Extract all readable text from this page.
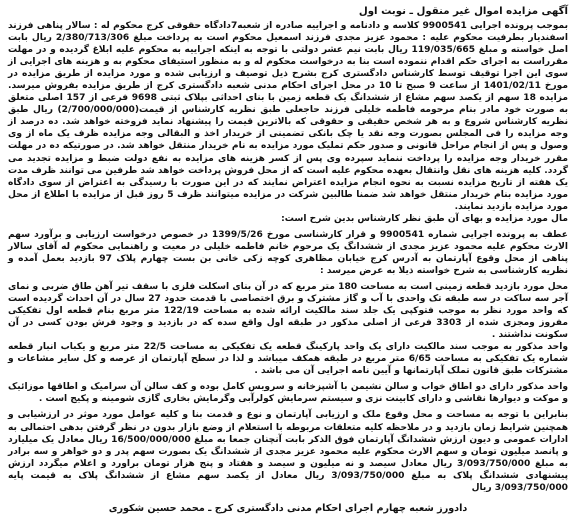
آگهی مزایده اموال غیر منقول ـ نوبت اول

بموجب پرونده اجرایی 9900541 کلاسه و دادنامه و اجراییه صادره از شعبه7دادگاه حقوقی کرج محکوم له : سالار پناهی فرزند اسفندیار بطرفیت محکوم علیه : محمود عزیز مجدی فرزند اسمعیل محکوم است به پرداخت مبلغ 2/380/713/306 ریال بابت اصل خواسته و مبلغ 119/035/665 ریال بابت نیم عشر دولتی با توجه به اینکه اجراییه به محکوم علیه ابلاغ گردیده و در مهلت مقرراست به اجرای حکم اقدام ننموده است بنا به درخواست محکوم له و به منظور استیفای محکوم به و هزینه های اجرایی از سوی این اجرا توقیف توسط کارشناس دادگستری کرج بشرح ذیل توصیف و ارزیابی شده و مورد مزایده از طریق مزایده در مورخ 1401/02/11 از ساعت 9 صبح تا 10 در محل اجرای احکام مدنی شعبه دادگستری کرج از طریق مزایده بفروش میرسد. مزایده 18 سهم از یکصد سهم مشاع از ششدانگ یک قطعه زمین با بنای احداثی بپلاک ثبتی 9698 فرعی از 157 اصلی متعلق به صورت خود مادر بنام مرحومه فاطمه خلیلی فرزند حاجعلی طبق نظریه کارشناس از قیمت(2/700/000/000) ریال طبق نظریه کارشناس شروع و به هر شخص حقیقی و حقوقی که بالاترین قیمت را پیشنهاد نماید فروخته خواهد شد. ده درصد از وجه مزایده را فی المجلس بصورت وجه نقد یا چک بانکی تضمینی از خریدار اخذ و البقالی وجه مزایده ظرف یک ماه از وی وصول و پس از انجام مراحل قانونی و صدور حکم تملیک مورد مزایده به نام خریدار منتقل خواهد شد. در صورتیکه ده در مهلت مقرر خریدار وجه مزایده را پرداخت ننماید سپرده وی پس از کسر هزینه های مزایده به نفع دولت ضبط و مزایده تجدید می گردد. کلیه هزینه های نقل وانتقال بعهده محکوم علیه است که از محل فروش پرداخت خواهد شد طرفین می توانند ظرف مدت یک هفته از تاریخ مزایده نسبت به نحوه انجام مزایده اعتراض نمایند که در این صورت با رسیدگی به اعتراض از سوی دادگاه مورد مزایده بنام خریدار منتقل خواهد شد ضمنا طالبین شرکت در مزایده میتوانند ظرف 5 روز قبل از مزایده با اطلاع از محل مورد مزایده بازدید نمایند.

مال مورد مزایده و بهای آن طبق نظر کارشناس بدین شرح است:

عطف به پرونده اجرایی شماره 9900541 و قرار کارشناسی مورخ 1399/5/26 در خصوص درخواست ارزیابی و برآورد سهم الارث محکوم علیه محمود عزیز مجدی از ششدانگ یک مرحوم خانم فاطمه خلیلی در معیت و راهنمایی محکوم له آقای سالار پناهی از محل وقوع آپارتمان به آدرس کرج خیابان مظاهری کوچه زکی خانی بن بست چهارم پلاک 97 بازدید بعمل آمده و نظریه کارشناسی به شرح خواسته ذیلا به عرض میرسد :

محل مورد بازدید قطعه زمینی است به مساحت 180 متر مربع که در آن بنای اسکلت فلزی با سقف تیر آهن طاق ضربی و نمای آجر سه ساکت در سه طبقه تک واحدی با آب و گاز مشترک و برق اختصاصی با قدمت حدود 27 سال در آن احداث گردیده است که واحد مورد نظر به موجب فتوکپی یک جلد سند مالکیت ارائه شده به مساحت 122/19 متر مربع بنام قطعه اول تفکیکی مفروز ومجزی شده از 3303 فرعی از اصلی مذکور در طبقه اول واقع سده که در بازدید و وجود فرش بودن کسی در آن سکونت نداشتند .

واحد مذکور به موجب سند مالکیت دارای یک واحد پارکینگ قطعه یک تفکیکی به مساحت 22/5 متر مربع و یکباب انبار قطعه شماره یک تفکیکی به مساحت 6/65 متر مربع در طبقه همکف میباشد و لذا در سطح آپارتمان از عرصه و کل سایر مشاعات و مشترکات طبق قانون تملک آپارتمانها و آیین نامه اجرایی آن می باشد .

واحد مذکور دارای دو اطاق خواب و سالن نشیمن با آشپزخانه و سرویس کامل بوده و کف سالن آن سرامیک و اطاقها موزائیک و موکت و دیوارها نقاشی و دارای کابینت نزی و سیستم سرمایش کولرآبی وگرمایش بخاری گازی شومینه و پکیج است .

بنابراین با توجه به مساحت و محل وقوع ملک و ارزیابی آپارتمان و نوع و قدمت بنا و کلیه عوامل مورد موثر در ارزشیابی و همچنین شرایط زمان بازدید و در ملاحظه کلیه متعلقات مربوطه با استعلام از وضع بازار بدون در نظر گرفتن بدهی احتمالی به ادارات عمومی و دیون ارزش ششدانگ آپارتمان فوق الذکر بابت آنچنان جمعا به مبلغ 16/500/000/000 ریال معادل یک میلیارد و پانصد میلیون تومان و سهم الارث محکوم علیه محمود عزیز مجدی از ششدانگ یک بصورت سهم پدر و دو خواهر و سه برادر به مبلغ 3/093/750/000 ریال معادل سیصد و نه میلیون و سیصد و هفتاد و پنج هزار تومان براورد و اعلام میگردد ارزش پیشنهادی ششدانگ پلاک به مبلغ 3/093/750/000 ریال معادل از یکصد سهم مشاع از ششدانگ پلاک به قیمت پایه 3/093/750/000 ریال

دادورز شعبه چهارم اجرای احکام مدنی دادگستری کرج ـ محمد حسین شکوری
